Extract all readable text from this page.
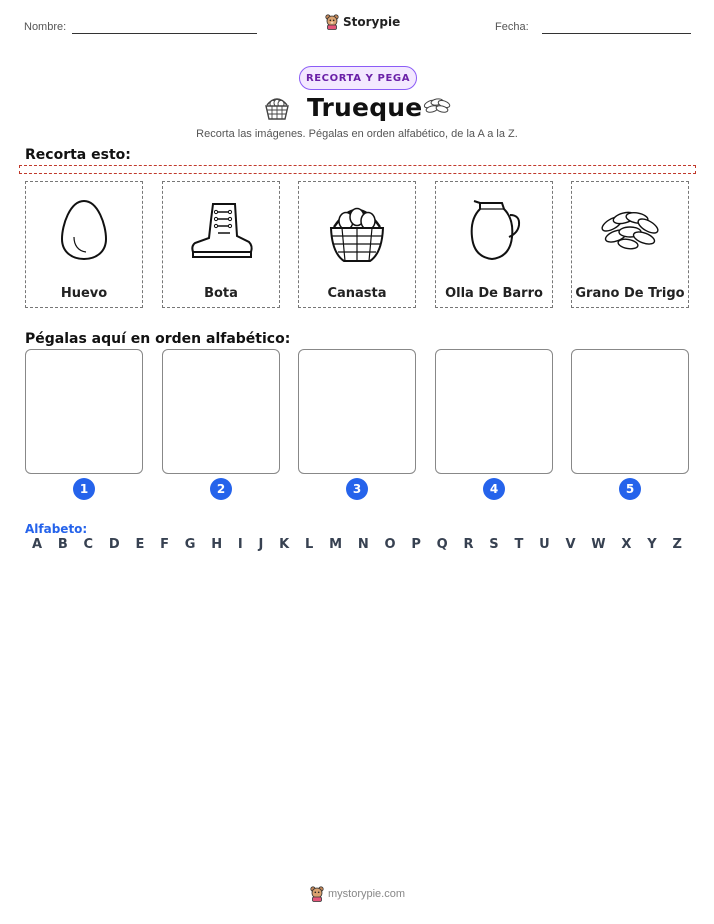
Nombre:	Storypie	Fecha:
RECORTA Y PEGA
Trueque
Recorta las imágenes. Pégalas en orden alfabético, de la A a la Z.
Recorta esto:
Huevo	Bota	Canasta	Olla De Barro Grano De Trigo
Pégalas aquí en orden alfabético:
1	2	3	4	5
Alfabeto:
A B C D E F G H I J K L M N O P Q R S T U V W X Y Z
mystorypie.com
